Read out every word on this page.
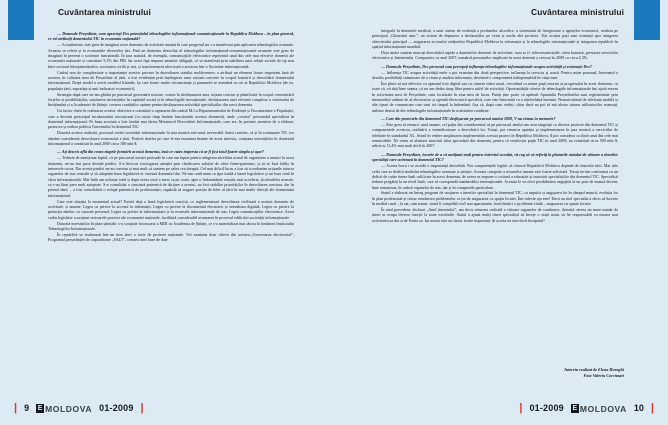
Cuvântarea ministrului

— Domnule Președinte, cum apreciați Dvs potențialul tehnologiilor informațional-comunicaționale în Republica Moldova – în plan general, ce rol atribuiți domeniului TIC în economia națională?

— Actualmente, este greu de imaginat orice domeniu de activitate umană în care progresul nu s-a manifestat prin aplicarea tehnologiilor avansate. Aceasta se referă și la economiile diverselor țări. Fără un domeniu dezvoltat al tehnologiilor informațional-comunicaționale avansate este greu de imaginat în prezent o societate funcțională. În țara noastră, de exemplu, comunicațiile electronice reprezintă unul din cele mai efective domenii ale economiei naționale și constituie 9,1% din PIB. Iar acest fapt impune anumite obligații, ce se manifestă prin stabilirea unor relații sociale de tip nou între sectorul întreprinzătorilor, societatea civilă și stat, și transformarea ulterioară a acestora într-o Societate informațională.

Cadrul nou de complexitate a importanței acestor procese în dezvoltarea statului moldovenesc a atribuit un element foarte important fază de acestea, în calitatea mea de Președinte al țării, a fost evidențiat prin înțelegerea unor acțiuni concrete în scopul formării și dezvoltării domeniului informațional. Drept model a servit modelul Irlandei, își care foarte multe circumstanțe și parametri se asemănă cu cei ai Republicii Moldova (de ex. populația țării, suprafața și unii indicatori economici).

Strategia după care ne-am ghidat pe parcursul guvernării noastre, consta în desfășurarea unor acțiuni concise și planificate în scopul concentrării forțelor și posibilităților, susținerea investițiilor în capitalul social și în tehnologiile inovaționale, desfășurarea unei reforme complexe a sistemului de învățământ și a Academiei de Științe, crearea condițiilor optime pentru desfășurarea activității specialiștilor din acest domeniu.

Un factor-cheie în realizarea acestor obiective a constituit-o separarea din cadrul M.I.a Departamentului de Evidență și Documentare a Populației, care a devenit prototipul incubatorului inovațional (cu nește timp înainte funcționării acestui domeniu), unde „creștea” personalul specializat în domeniul informațional. Pe baza acestuia a fost fondat mai târziu Ministerul Dezvoltării Informaționale, care are, în prezent, menirea de a elabora, promova și realiza politica Guvernului în domeniul TIC.

Datorită acestor realizări, procesul creării societății informaționale în țara noastră este unul ireversibil. Insist convins, că și în continuare TIC vor rămâne considerată dezvoltarea economică a țării. Potrivit datelor pe care le-am examinat înainte de acest interviu, conțeana investițiilor în domeniul informațional a constituit în anul 2000 circa 180 mln $.

— Ați descris află din ceara etapele formării acestui domeniu, însă ce cutez impresia că ar fi fost totul foarte simplu și ușor?

— Trebuie de menționat faptul, că pe parcursul acestei perioade în care am luptat pentru atingerea nivelului actual de organizare a anunci în acest domeniu, ne-au fost puse destule piedici. S-a învocat vocitogarea atenției prin clarificarea soluției de către firme-parteneri, și să se facă lobby în interesele cuiva. Dar aceste piedici ne-au convins și mai mult că suntem pe calea cea dreaptă. Cel mai dificil lucru a fost să coordonăm acțiunile tuturor organelor de stat centrale și să adoptăm baza legislativă er vizează domeniul dat. Ne-am confruntat cu țipa totală a bazei legislative și un luau total în sfera informațională. Mai întâi am ordonat totul și după aceea totul a mers ca pe coate, apre o îmbunătățire reușită, mai accelerat, țicoloadelor noastre, ca s-au lăsat prea mult așteptate. S-a consolidat o structură puternică de dirijare a acestui, au fost stabilite priorităților în dezvoltarea acestora, dar în primul rând, – a fost consolidată o echipă puternică de profesioniști, capabilă să asigure poziția de lider al țării în mai multe direcții ale domeniului informațional.

Care este situația la momentul actual? Există deja o bază legislativă concisă, ce reglementează dezvoltarea civilizată a acestui domeniu de activitate, și anume: Legea cu privire la accesul la informații, Legea cu privire la documentul electronic și semnătura digitală, Legea cu privire la protecția datelor cu caracter personal, Legea cu privire la informatizare și la resursele informaționale de stat, Legea comunicațiilor electronice. Acest cadru legislativ a susținut sectoarele practice ale economiei naționale, facilitind considerabil avansarea în procesul edificării societății informaționale.

Datorită investițiilor în plan științific s-a cooptate fructuoasă a MDI cu Academia de Științe, ce s-a materializat mai târziu în fondarea Institutului Tehnologiilor Informaționale.

În republică se realizează într-un ritm alert o serie de proiecte naționale. Voi examina doar câteva din acestea:„Guvernarea electronică”, Programul președinției de cuporătizare „SALT”, crearea unei baze de date

| 9 E MOLDOVA 01-2009 |
Cuvântarea ministrului

integrală în domeniul medical, a unui sistem de evidență a produselor alcoolice, a sistemului de înregistrare a agenților economici, realizat pe principiul „Ghișeului unic”, un sistem de depunere a declarațiilor pe venit și multe alte proiecte. Toți aceștia pași sunt orientați spre atingerea obiectivului principal — asigurarea accesului cetățenilor Republicii Moldova la informație și la tehnologiile informaționale și integrarea republicii în spațiul informațional mondial.

Deja astăzi suntem marcați dezvoltării rapide a domeniilor domenii de activitate, cum ar fi: telecomunicațiile, sfera bancară, prestarea serviciilor electronice și Internetului. Comparativ cu anul 2007, numărul persoanelor implicate în acest domenii a crescut în 2008 cu circa 2,3%.

— Domnule Președinte, Dvs personal cum percepeți influența tehnologiilor informaționale asupra activității și existenței Dvs?

— Influența TIC asupra activității mele o pot examina din două perspective: influența la serviciu și acasă. Pentru mine personal, Internetul a deschis posibilități suimitoare de a căuta și analiza informația, devenind o componentă indispensabilă în viața mea.

Îmi place să mă delectez cu aparatul foto digital sau cu camera video nouă, cercetând cu minte pașii enormi ai progresului în acest domeniu, cu toate că, vă dați bine seama, că nu am dedus timp liber pentru astfel de activități. Oportunitățile oferite de tehnologiile informaționale îmi ajută enorm în activitatea mea de Președinte, sunt localizate în zina mea de lucru. Puteți ține poste că aptitudi Apantului Președintelui sunt reglementate prin intermediul ordinei de al electronice și agendă electronică specifică, care este întocmită cu o rățelorbănă însemia. Nemaivorbind de telefonia mobilă și alte tipuri de comunicare care sunt tot timpul la îndemână. Așa că, după cum vedeți, chiar dacă nu pot să mă aloses tuturor utilizatorilor avansați, utilizez destul de des tehnologiile informaționale în activitatea cotidiene.

— Care din proiectele din domeniul TIC desfășurate pe parcursul anului 2008, V-au rămas în memorie?

— Este greu să remarci unul anume, cel puțin din considerentul că pe parcursul anului am avut tangență cu diverse proiecte din domeniul TIC și componentele acestora, realizării a semnificatoare a dezvoltării lor. Totuși, pot remarca apariția și implementarea în țara noastră a serviciilor de telefonie în standardul 3G. Avind în vedere amplasarea implementării acestui proiect în Republica Moldova, îl pot considera ca fiind unul din cele mai remarcabile. Ne vines să alemase marcării altor specialiști din domeniu, pentru că venifocția puțin TIC în anul 2008, au constituit circa 500 mln $, adică cu 11,4% mai mult decît în 2007.

— Domnule Președinte, încetée de a vă mulțumi mult pentru interviul acordat, vă rog să vă referiți la planurile statului de viitoare a tinerilor specialiști care activează în domeniul TIC?

— Acesta lucru i se acordă o importanță deosebită. Noi competențele legării că viitorul Republicii Moldova depinde de tinerelui tării. Mai ales celui care se dedică studiului tehnologiilor avansate și științei. Aceasta categorie a resurselor umane este foarte solicitată. Totuși ne-am confruntat cu un deficit de cadre tinere înalt calificate în acest domeniu, de aceea se impune o cotitură a educației și instruirii specialiștilor din domeniul TIC. Specialiști trebuie pregătiți la un nivel înalt, care să corespundă standardelor internaționale. Aceasta le va oferi posibilitatea angajării la un post de muncă decent, bine remunerat, în cadrul organelor de stat, dar și în companiile particulare.

Statul a elaborat un întreg program de susținere a tinerilor specialiști în domeniul TIC, cu impulsi și angajarea lor în câmpul muncii, evoluția lor în plan profesional și citeaz remânerea problemelor ce țin de asigurarea cu spațiu locativ. Într-adevăr aja este! Dacă un titel specialist a decis să lucreze în mediul rural – la sat, cam naiun, statul îi compilăd cea5 nau apartament, horfolindu-i o problemă vitală – asigurarea cu spațiu locativ.

În anul precedent, declarat „Anul tineretului”, am decis returnea radicală a viitoare organelor de conducere, datorită căreea un mare număr de tineri ar ocupa diverse funcții la toate nivelurile. Statul a ajutat mulți tineri specialiști să învețe o viață nouă, să fie responsabili cu munca mai activitatea sa dar și de Patria sa. Iar acesta este un factor foarte important. Și acesta eu este decît începutul!

Interviu realizat de Elena Horoghi
Foto Valeriu Corcimari
| 01-2009 E MOLDOVA 10 |
